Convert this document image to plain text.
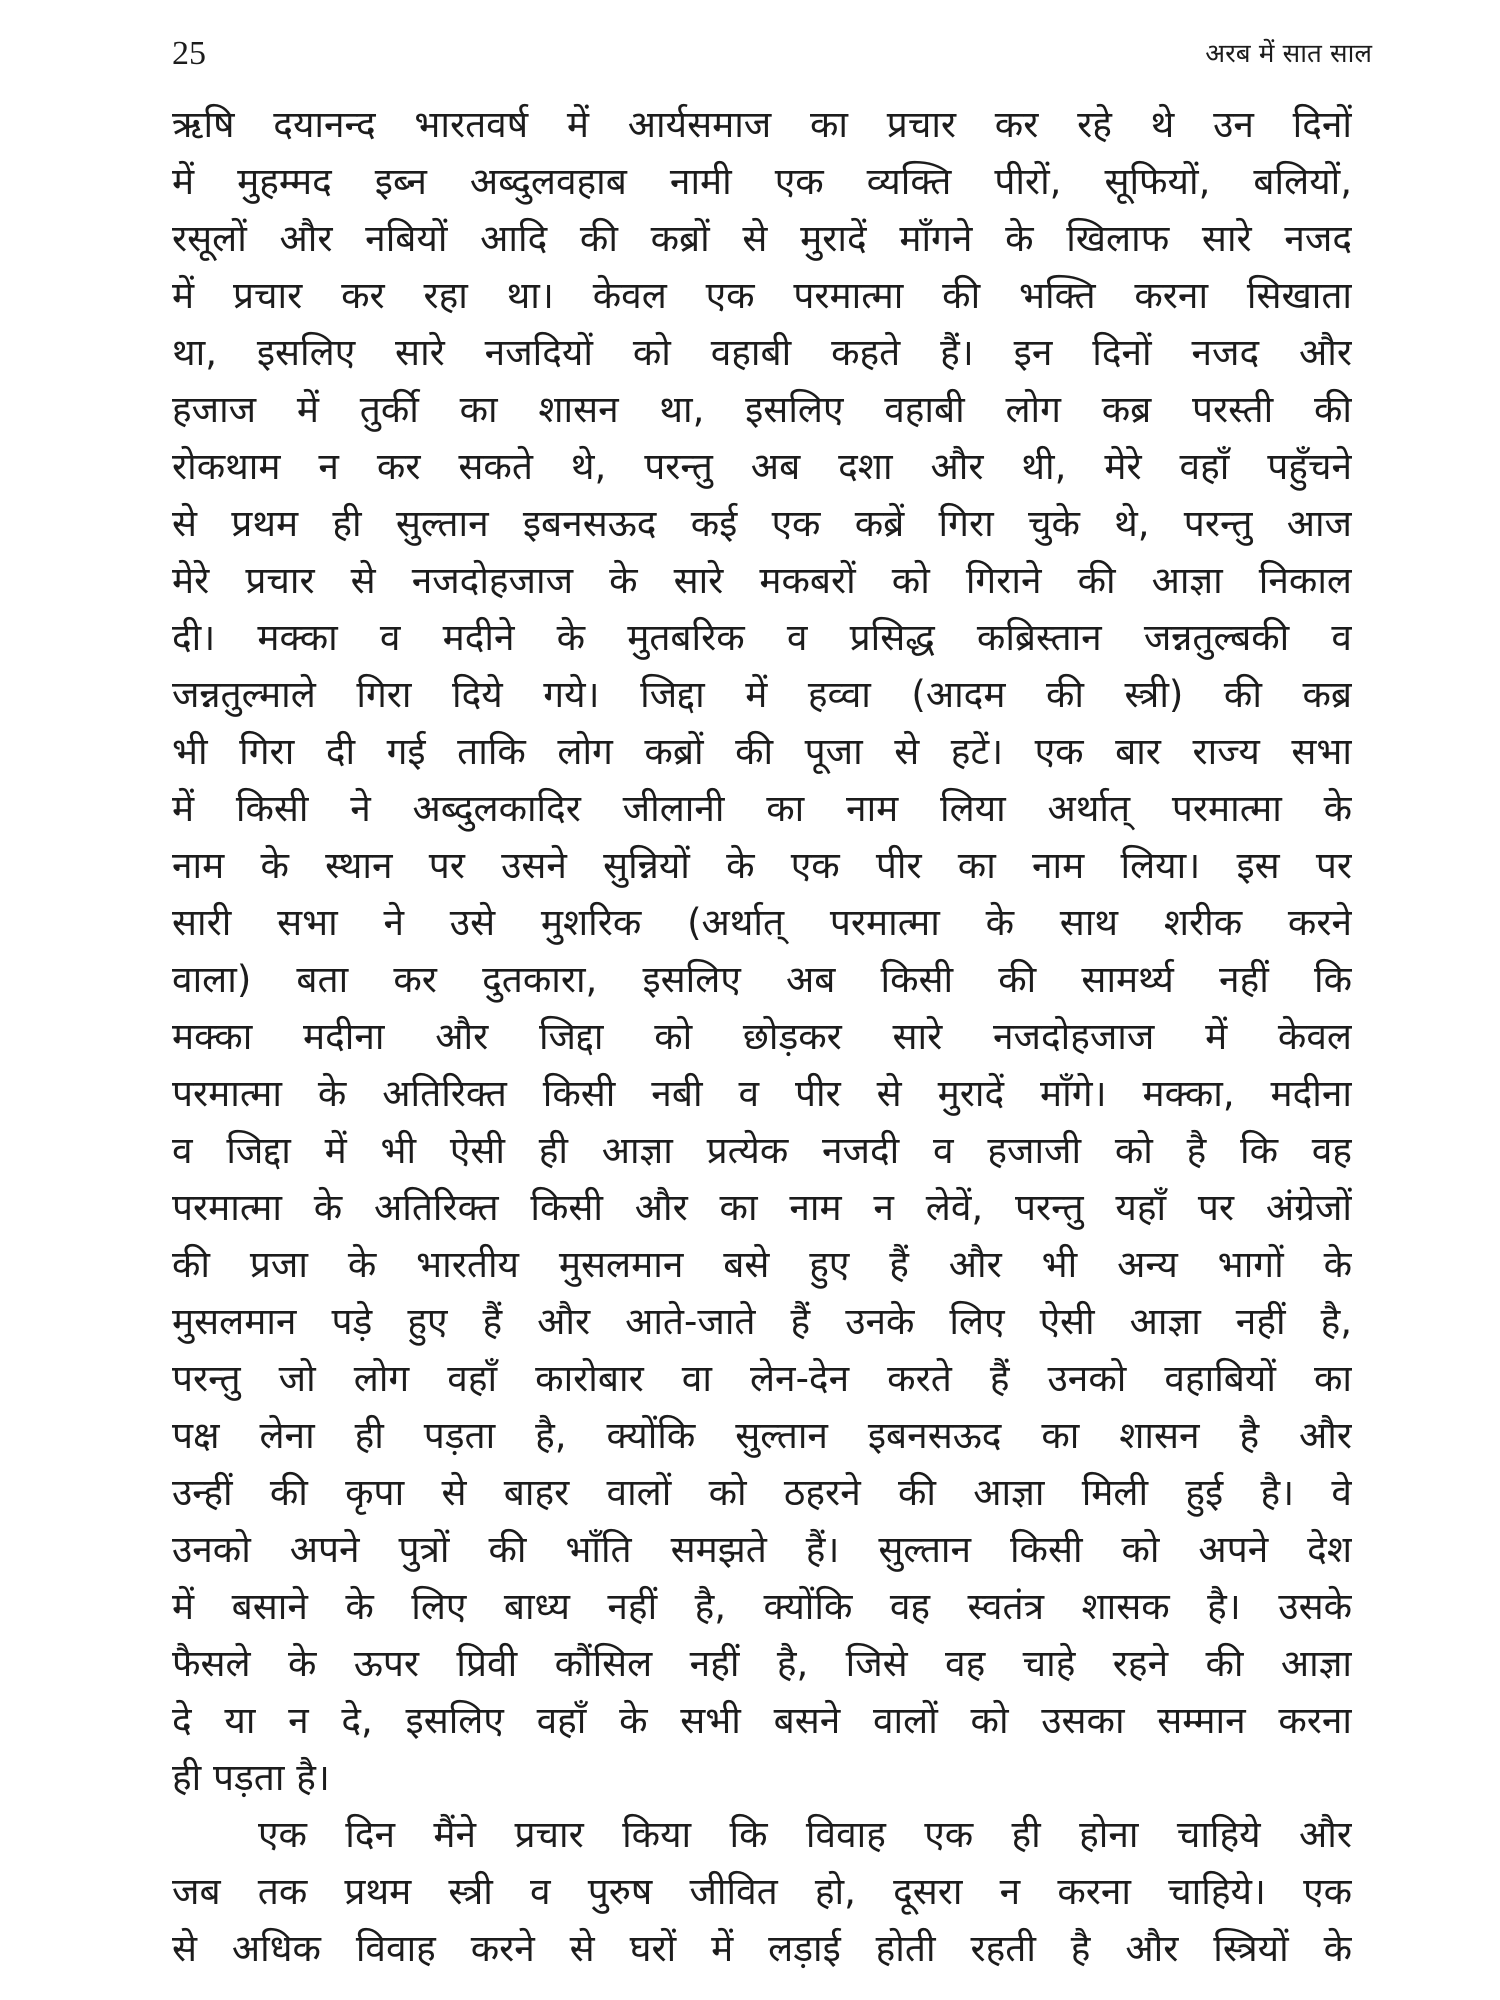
25	अरब में सात साल
ऋषि दयानन्द भारतवर्ष में आर्यसमाज का प्रचार कर रहे थे उन दिनों
में मुहम्मद इब्न अब्दुलवहाब नामी एक व्यक्ति पीरों, सूफियों, बलियों,
रसूलों और नबियों आदि की कब्रों से मुरादें माँगने के खिलाफ सारे नजद
में प्रचार कर रहा था। केवल एक परमात्मा की भक्ति करना सिखाता
था, इसलिए सारे नजदियों को वहाबी कहते हैं। इन दिनों नजद और
हजाज में तुर्की का शासन था, इसलिए वहाबी लोग कब्र परस्ती की
रोकथाम न कर सकते थे, परन्तु अब दशा और थी, मेरे वहाँ पहुँचने
से प्रथम ही सुल्तान इबनसऊद कई एक कब्रें गिरा चुके थे, परन्तु आज
मेरे प्रचार से नजदोहजाज के सारे मकबरों को गिराने की आज्ञा निकाल
दी। मक्का व मदीने के मुतबरिक व प्रसिद्ध कब्रिस्तान जन्नतुल्बकी व
जन्नतुल्माले गिरा दिये गये। जिद्दा में हव्वा (आदम की स्त्री) की कब्र
भी गिरा दी गई ताकि लोग कब्रों की पूजा से हटें। एक बार राज्य सभा
में किसी ने अब्दुलकादिर जीलानी का नाम लिया अर्थात् परमात्मा के
नाम के स्थान पर उसने सुन्नियों के एक पीर का नाम लिया। इस पर
सारी सभा ने उसे मुशरिक (अर्थात् परमात्मा के साथ शरीक करने
वाला) बता कर दुतकारा, इसलिए अब किसी की सामर्थ्य नहीं कि
मक्का मदीना और जिद्दा को छोड़कर सारे नजदोहजाज में केवल
परमात्मा के अतिरिक्त किसी नबी व पीर से मुरादें माँगे। मक्का, मदीना
व जिद्दा में भी ऐसी ही आज्ञा प्रत्येक नजदी व हजाजी को है कि वह
परमात्मा के अतिरिक्त किसी और का नाम न लेवें, परन्तु यहाँ पर अंग्रेजों
की प्रजा के भारतीय मुसलमान बसे हुए हैं और भी अन्य भागों के
मुसलमान पड़े हुए हैं और आते-जाते हैं उनके लिए ऐसी आज्ञा नहीं है,
परन्तु जो लोग वहाँ कारोबार वा लेन-देन करते हैं उनको वहाबियों का
पक्ष लेना ही पड़ता है, क्योंकि सुल्तान इबनसऊद का शासन है और
उन्हीं की कृपा से बाहर वालों को ठहरने की आज्ञा मिली हुई है। वे
उनको अपने पुत्रों की भाँति समझते हैं। सुल्तान किसी को अपने देश
में बसाने के लिए बाध्य नहीं है, क्योंकि वह स्वतंत्र शासक है। उसके
फैसले के ऊपर प्रिवी कौंसिल नहीं है, जिसे वह चाहे रहने की आज्ञा
दे या न दे, इसलिए वहाँ के सभी बसने वालों को उसका सम्मान करना
ही पड़ता है।
एक दिन मैंने प्रचार किया कि विवाह एक ही होना चाहिये और
जब तक प्रथम स्त्री व पुरुष जीवित हो, दूसरा न करना चाहिये। एक
से अधिक विवाह करने से घरों में लड़ाई होती रहती है और स्त्रियों के
